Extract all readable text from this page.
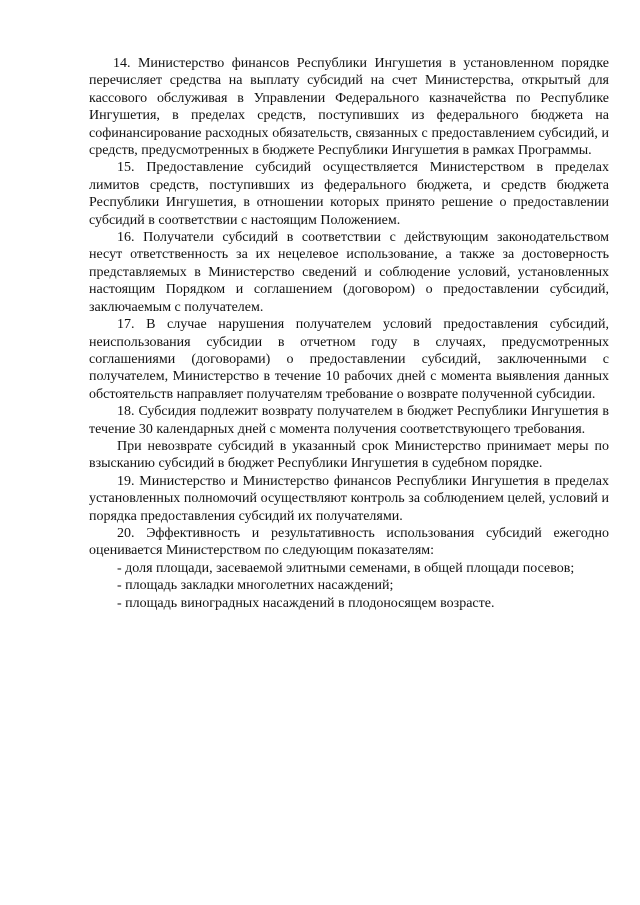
14. Министерство финансов Республики Ингушетия в установленном порядке перечисляет средства на выплату субсидий на счет Министерства, открытый для кассового обслуживая в Управлении Федерального казначейства по Республике Ингушетия, в пределах средств, поступивших из федерального бюджета на софинансирование расходных обязательств, связанных с предоставлением субсидий, и средств, предусмотренных в бюджете Республики Ингушетия в рамках Программы.

15. Предоставление субсидий осуществляется Министерством в пределах лимитов средств, поступивших из федерального бюджета, и средств бюджета Республики Ингушетия, в отношении которых принято решение о предоставлении субсидий в соответствии с настоящим Положением.

16. Получатели субсидий в соответствии с действующим законодательством несут ответственность за их нецелевое использование, а также за достоверность представляемых в Министерство сведений и соблюдение условий, установленных настоящим Порядком и соглашением (договором) о предоставлении субсидий, заключаемым с получателем.

17. В случае нарушения получателем условий предоставления субсидий, неиспользования субсидии в отчетном году в случаях, предусмотренных соглашениями (договорами) о предоставлении субсидий, заключенными с получателем, Министерство в течение 10 рабочих дней с момента выявления данных обстоятельств направляет получателям требование о возврате полученной субсидии.

18. Субсидия подлежит возврату получателем в бюджет Республики Ингушетия в течение 30 календарных дней с момента получения соответствующего требования.

При невозврате субсидий в указанный срок Министерство принимает меры по взысканию субсидий в бюджет Республики Ингушетия в судебном порядке.

19. Министерство и Министерство финансов Республики Ингушетия в пределах установленных полномочий осуществляют контроль за соблюдением целей, условий и порядка предоставления субсидий их получателями.

20. Эффективность и результативность использования субсидий ежегодно оценивается Министерством по следующим показателям:

- доля площади, засеваемой элитными семенами, в общей площади посевов;

- площадь закладки многолетних насаждений;

- площадь виноградных насаждений в плодоносящем возрасте.
